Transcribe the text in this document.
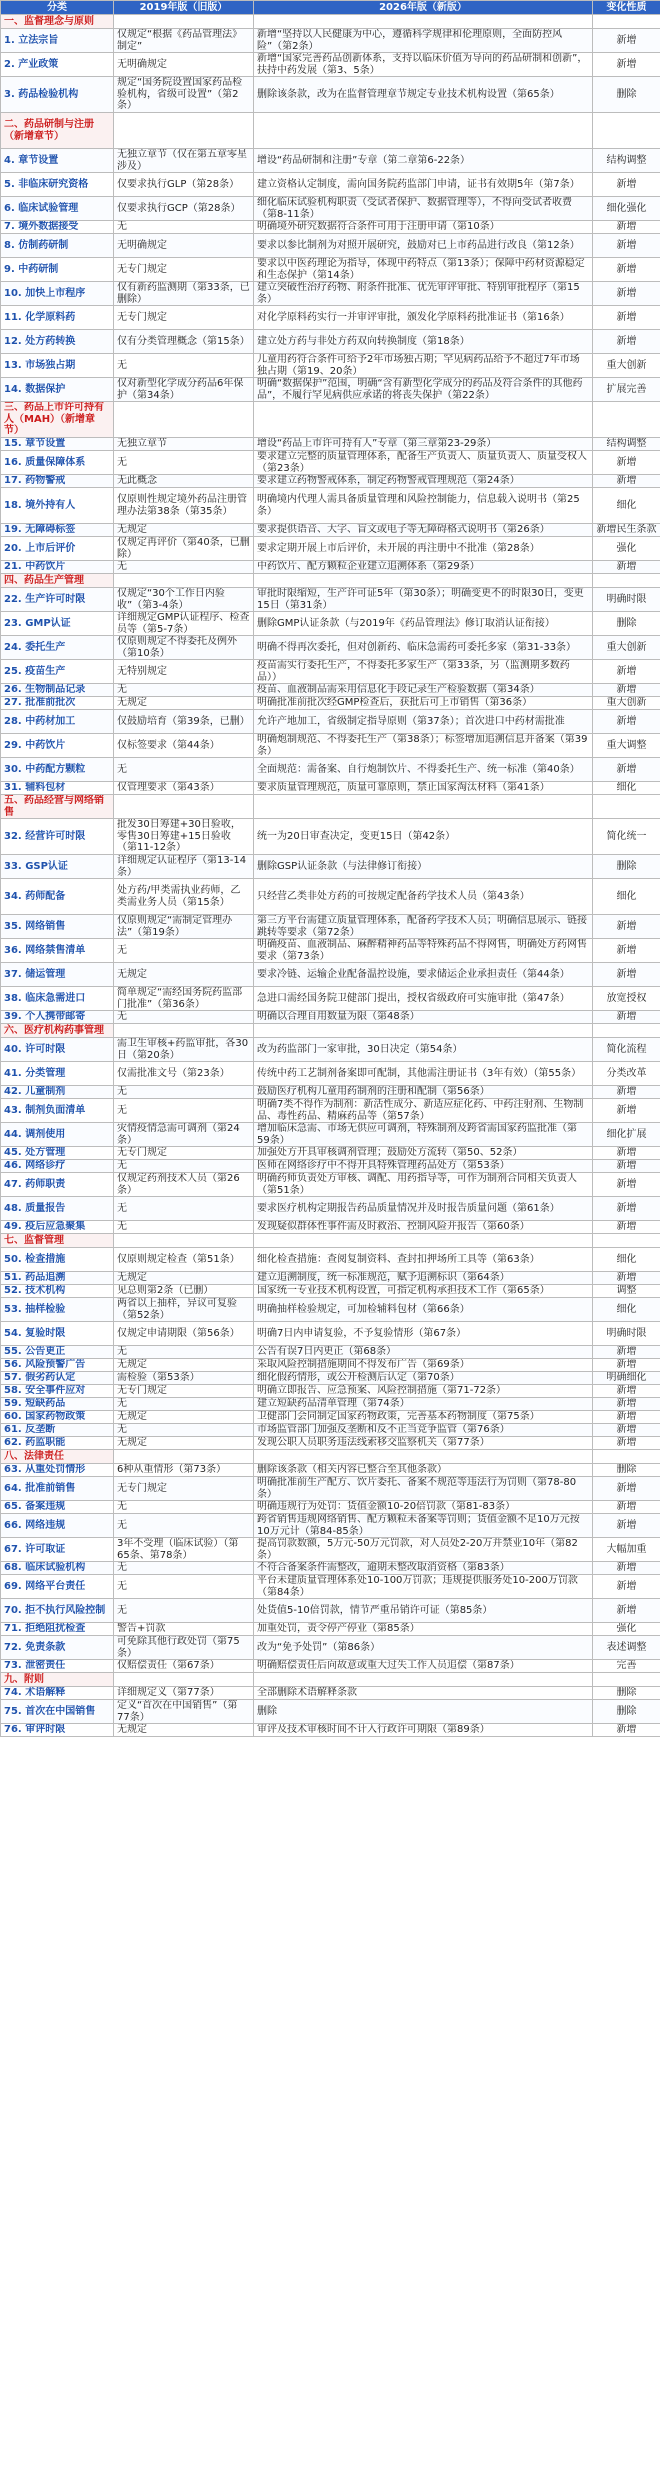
分类	2019年版（旧版）	2026年版（新版）	变化性质
一、监督理念与原则			
1. 立法宗旨	仅规定“根据《药品管理法》制定”	新增“坚持以人民健康为中心，遵循科学规律和伦理原则，全面防控风险”（第2条）	新增
2. 产业政策	无明确规定	新增“国家完善药品创新体系，支持以临床价值为导向的药品研制和创新”，扶持中药发展（第3、5条）	新增
3. 药品检验机构	规定“国务院设置国家药品检验机构，省级可设置”（第2条）	删除该条款，改为在监督管理章节规定专业技术机构设置（第65条）	删除
二、药品研制与注册（新增章节）			
4. 章节设置	无独立章节（仅在第五章零星涉及）	增设“药品研制和注册”专章（第二章第6-22条）	结构调整
5. 非临床研究资格	仅要求执行GLP（第28条）	建立资格认定制度，需向国务院药监部门申请，证书有效期5年（第7条）	新增
6. 临床试验管理	仅要求执行GCP（第28条）	细化临床试验机构职责（受试者保护、数据管理等），不得向受试者收费（第8-11条）	细化强化
7. 境外数据接受	无	明确境外研究数据符合条件可用于注册申请（第10条）	新增
8. 仿制药研制	无明确规定	要求以参比制剂为对照开展研究，鼓励对已上市药品进行改良（第12条）	新增
9. 中药研制	无专门规定	要求以中医药理论为指导，体现中药特点（第13条）；保障中药材资源稳定和生态保护（第14条）	新增
10. 加快上市程序	仅有新药监测期（第33条，已删除）	建立突破性治疗药物、附条件批准、优先审评审批、特别审批程序（第15条）	新增
11. 化学原料药	无专门规定	对化学原料药实行一并审评审批，颁发化学原料药批准证书（第16条）	新增
12. 处方药转换	仅有分类管理概念（第15条）	建立处方药与非处方药双向转换制度（第18条）	新增
13. 市场独占期	无	儿童用药符合条件可给予2年市场独占期；罕见病药品给予不超过7年市场独占期（第19、20条）	重大创新
14. 数据保护	仅对新型化学成分药品6年保护（第34条）	明确“数据保护”范围，明确“含有新型化学成分的药品及符合条件的其他药品”，不履行罕见病供应承诺的将丧失保护（第22条）	扩展完善
三、药品上市许可持有人（MAH）（新增章节）			
15. 章节设置	无独立章节	增设“药品上市许可持有人”专章（第三章第23-29条）	结构调整
16. 质量保障体系	无	要求建立完整的质量管理体系，配备生产负责人、质量负责人、质量受权人（第23条）	新增
17. 药物警戒	无此概念	要求建立药物警戒体系，制定药物警戒管理规范（第24条）	新增
18. 境外持有人	仅原则性规定境外药品注册管理办法第38条（第35条）	明确境内代理人需具备质量管理和风险控制能力，信息载入说明书（第25条）	细化
19. 无障碍标签	无规定	要求提供语音、大字、盲文或电子等无障碍格式说明书（第26条）	新增民生条款
20. 上市后评价	仅规定再评价（第40条，已删除）	要求定期开展上市后评价，未开展的再注册中不批准（第28条）	强化
21. 中药饮片	无	中药饮片、配方颗粒企业建立追溯体系（第29条）	新增
四、药品生产管理			
22. 生产许可时限	仅规定“30个工作日内验收”（第3-4条）	审批时限缩短，生产许可证5年（第30条）；明确变更不的时限30日，变更15日（第31条）	明确时限
23. GMP认证	详细规定GMP认证程序、检查员等（第5-7条）	删除GMP认证条款（与2019年《药品管理法》修订取消认证衔接）	删除
24. 委托生产	仅原则规定不得委托及例外（第10条）	明确不得再次委托，但对创新药、临床急需药可委托多家（第31-33条）	重大创新
25. 疫苗生产	无特别规定	疫苗需实行委托生产，不得委托多家生产（第33条，另（监测期多数药品））	新增
26. 生物制品记录	无	疫苗、血液制品需采用信息化手段记录生产检验数据（第34条）	新增
27. 批准前批次	无规定	明确批准前批次经GMP检查后，获批后可上市销售（第36条）	重大创新
28. 中药材加工	仅鼓励培育（第39条，已删）	允许产地加工，省级制定指导原则（第37条）；首次进口中药材需批准	新增
29. 中药饮片	仅标签要求（第44条）	明确炮制规范、不得委托生产（第38条）；标签增加追溯信息并备案（第39条）	重大调整
30. 中药配方颗粒	无	全面规范：需备案、自行炮制饮片、不得委托生产、统一标准（第40条）	新增
31. 辅料包材	仅管理要求（第43条）	要求质量管理规范，质量可靠原则，禁止国家淘汰材料（第41条）	细化
五、药品经营与网络销售			
32. 经营许可时限	批发30日筹建+30日验收，零售30日筹建+15日验收（第11-12条）	统一为20日审查决定，变更15日（第42条）	简化统一
33. GSP认证	详细规定认证程序（第13-14条）	删除GSP认证条款（与法律修订衔接）	删除
34. 药师配备	处方药/甲类需执业药师，乙类需业务人员（第15条）	只经营乙类非处方药的可按规定配备药学技术人员（第43条）	细化
35. 网络销售	仅原则规定“需制定管理办法”（第19条）	第三方平台需建立质量管理体系，配备药学技术人员；明确信息展示、链接跳转等要求（第72条）	新增
36. 网络禁售清单	无	明确疫苗、血液制品、麻醉精神药品等特殊药品不得网售，明确处方药网售要求（第73条）	新增
37. 储运管理	无规定	要求冷链、运输企业配备温控设施，要求储运企业承担责任（第44条）	新增
38. 临床急需进口	简单规定“需经国务院药监部门批准”（第36条）	急进口需经国务院卫健部门提出，授权省级政府可实施审批（第47条）	放宽授权
39. 个人携带邮寄	无	明确以合理自用数量为限（第48条）	新增
六、医疗机构药事管理			
40. 许可时限	需卫生审核+药监审批，各30日（第20条）	改为药监部门一家审批，30日决定（第54条）	简化流程
41. 分类管理	仅需批准文号（第23条）	传统中药工艺制剂备案即可配制，其他需注册证书（3年有效）（第55条）	分类改革
42. 儿童制剂	无	鼓励医疗机构儿童用药制剂的注册和配制（第56条）	新增
43. 制剂负面清单	无	明确7类不得作为制剂：新活性成分、新适应症化药、中药注射剂、生物制品、毒性药品、精麻药品等（第57条）	新增
44. 调剂使用	灾情疫情急需可调剂（第24条）	增加临床急需、市场无供应可调剂，特殊制剂及跨省需国家药监批准（第59条）	细化扩展
45. 处方管理	无专门规定	加强处方开具审核调剂管理；鼓励处方流转（第50、52条）	新增
46. 网络诊疗	无	医师在网络诊疗中不得开具特殊管理药品处方（第53条）	新增
47. 药师职责	仅规定药剂技术人员（第26条）	明确药师负责处方审核、调配、用药指导等，可作为制剂合同相关负责人（第51条）	新增
48. 质量报告	无	要求医疗机构定期报告药品质量情况并及时报告质量问题（第61条）	新增
49. 疫后应急聚集	无	发现疑似群体性事件需及时救治、控制风险并报告（第60条）	新增
七、监督管理			
50. 检查措施	仅原则规定检查（第51条）	细化检查措施：查阅复制资料、查封扣押场所工具等（第63条）	细化
51. 药品追溯	无规定	建立追溯制度，统一标准规范，赋予追溯标识（第64条）	新增
52. 技术机构	见总则第2条（已删）	国家统一专业技术机构设置，可指定机构承担技术工作（第65条）	调整
53. 抽样检验	两省以上抽样，异议可复验（第52条）	明确抽样检验规定，可加检辅料包材（第66条）	细化
54. 复验时限	仅规定申请期限（第56条）	明确7日内申请复验，不予复验情形（第67条）	明确时限
55. 公告更正	无	公告有误7日内更正（第68条）	新增
56. 风险预警广告	无规定	采取风险控制措施期间不得发布广告（第69条）	新增
57. 假劣药认定	需检验（第53条）	细化假药情形，或公开检测后认定（第70条）	明确细化
58. 安全事件应对	无专门规定	明确立即报告、应急预案、风险控制措施（第71-72条）	新增
59. 短缺药品	无	建立短缺药品清单管理（第74条）	新增
60. 国家药物政策	无规定	卫健部门会同制定国家药物政策，完善基本药物制度（第75条）	新增
61. 反垄断	无	市场监管部门加强反垄断和反不正当竞争监管（第76条）	新增
62. 药监职能	无规定	发现公职人员职务违法线索移交监察机关（第77条）	新增
八、法律责任			
63. 从重处罚情形	6种从重情形（第73条）	删除该条款（相关内容已整合至其他条款）	删除
64. 批准前销售	无专门规定	明确批准前生产配方、饮片委托、备案不规范等违法行为罚则（第78-80条）	新增
65. 备案违规	无	明确违规行为处罚：货值金额10-20倍罚款（第81-83条）	新增
66. 网络违规	无	跨省销售违规网络销售、配方颗粒未备案等罚则；货值金额不足10万元按10万元计（第84-85条）	新增
67. 许可取证	3年不受理（临床试验）（第65条、第78条）	提高罚款数额，5万元-50万元罚款，对人员处2-20万并禁业10年（第82条）	大幅加重
68. 临床试验机构	无	不符合备案条件需整改，逾期未整改取消资格（第83条）	新增
69. 网络平台责任	无	平台未建质量管理体系处10-100万罚款；违规提供服务处10-200万罚款（第84条）	新增
70. 拒不执行风险控制	无	处货值5-10倍罚款，情节严重吊销许可证（第85条）	新增
71. 拒绝阻扰检查	警告+罚款	加重处罚，责令停产停业（第85条）	强化
72. 免责条款	可免除其他行政处罚（第75条）	改为“免予处罚”（第86条）	表述调整
73. 泄密责任	仅赔偿责任（第67条）	明确赔偿责任后向故意或重大过失工作人员追偿（第87条）	完善
九、附则			
74. 术语解释	详细规定义（第77条）	全部删除术语解释条款	删除
75. 首次在中国销售	定义“首次在中国销售”（第77条）	删除	删除
76. 审评时限	无规定	审评及技术审核时间不计入行政许可期限（第89条）	新增
